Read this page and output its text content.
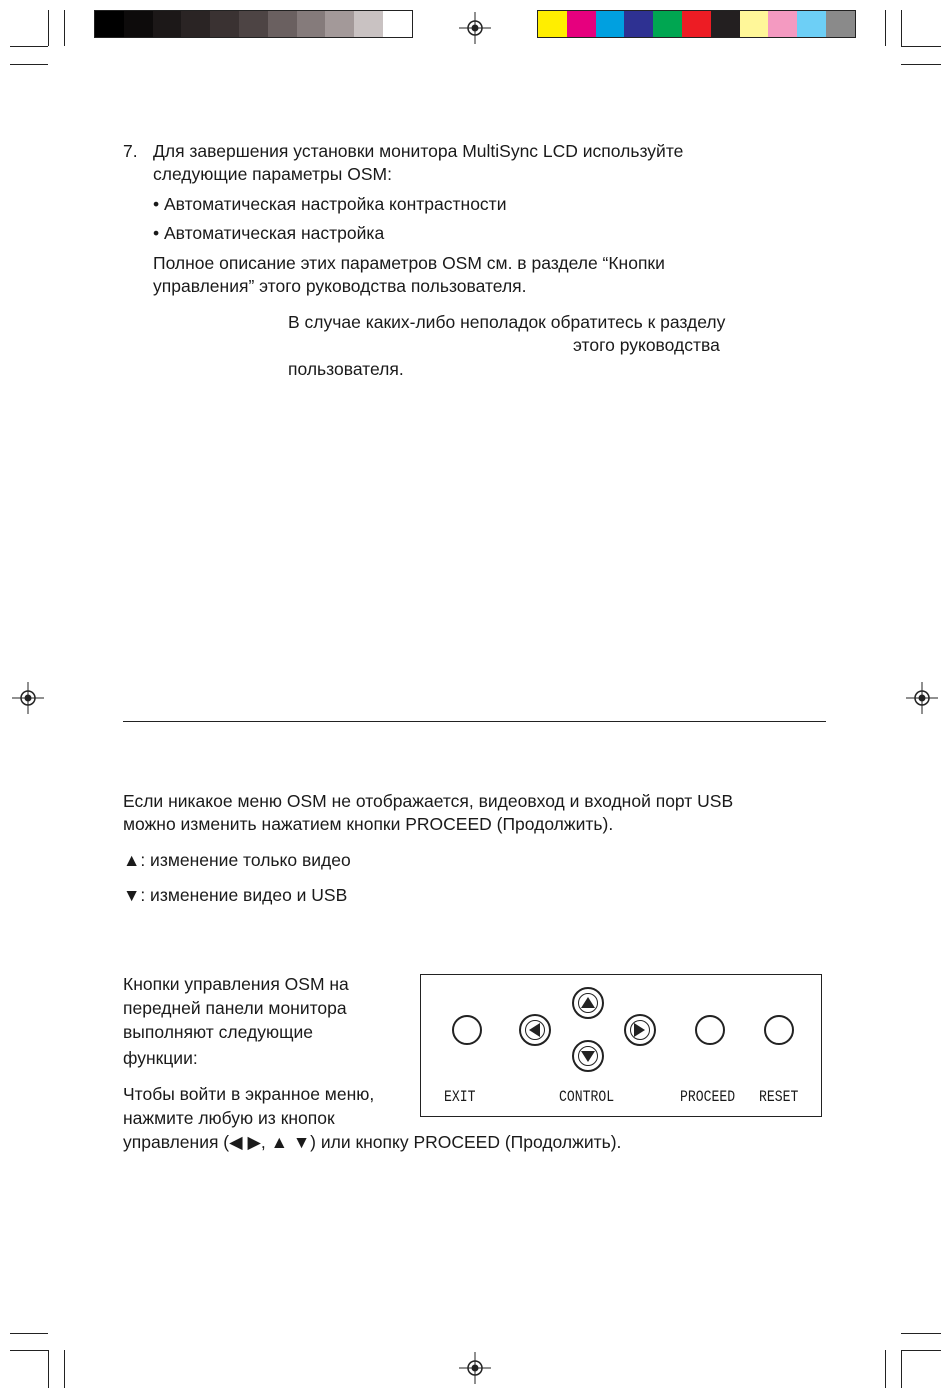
7. Для завершения установки монитора MultiSync LCD используйте
следующие параметры OSM:
• Автоматическая настройка контрастности
• Автоматическая настройка
Полное описание этих параметров OSM см. в разделе “Кнопки
управления” этого руководства пользователя.
В случае каких-либо неполадок обратитесь к разделу
этого руководства
пользователя.
Если никакое меню OSM не отображается, видеовход и входной порт USB
можно изменить нажатием кнопки PROCEED (Продолжить).
▲: изменение только видео
▼: изменение видео и USB
Кнопки управления OSM на
передней панели монитора
выполняют следующие
функции:
Чтобы войти в экранное меню,
нажмите любую из кнопок
управления (◀ ▶, ▲ ▼) или кнопку PROCEED (Продолжить).
EXIT	CONTROL	PROCEED RESET
